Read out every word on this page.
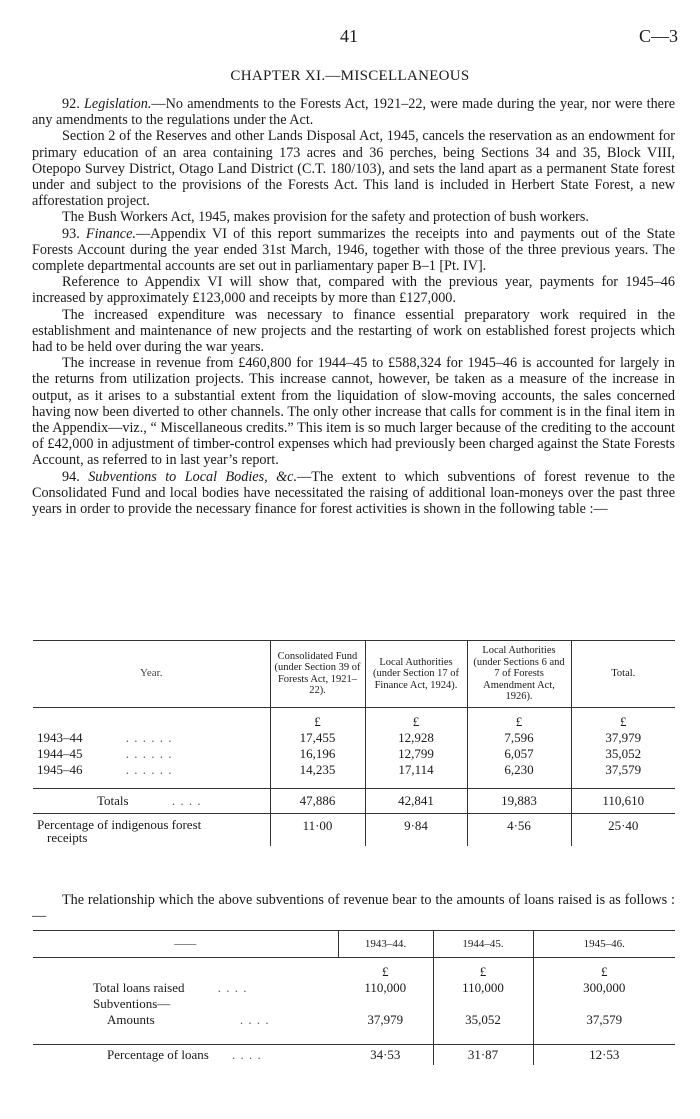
41	C—3
CHAPTER XI.—MISCELLANEOUS

92. Legislation.—No amendments to the Forests Act, 1921–22, were made during the year, nor were there any amendments to the regulations under the Act.

Section 2 of the Reserves and other Lands Disposal Act, 1945, cancels the reservation as an endowment for primary education of an area containing 173 acres and 36 perches, being Sections 34 and 35, Block VIII, Otepopo Survey District, Otago Land District (C.T. 180/103), and sets the land apart as a permanent State forest under and subject to the provisions of the Forests Act. This land is included in Herbert State Forest, a new afforestation project.

The Bush Workers Act, 1945, makes provision for the safety and protection of bush workers.

93. Finance.—Appendix VI of this report summarizes the receipts into and payments out of the State Forests Account during the year ended 31st March, 1946, together with those of the three previous years. The complete departmental accounts are set out in parliamentary paper B–1 [Pt. IV].

Reference to Appendix VI will show that, compared with the previous year, payments for 1945–46 increased by approximately £123,000 and receipts by more than £127,000.

The increased expenditure was necessary to finance essential preparatory work required in the establishment and maintenance of new projects and the restarting of work on established forest projects which had to be held over during the war years.

The increase in revenue from £460,800 for 1944–45 to £588,324 for 1945–46 is accounted for largely in the returns from utilization projects. This increase cannot, however, be taken as a measure of the increase in output, as it arises to a substantial extent from the liquidation of slow-moving accounts, the sales concerned having now been diverted to other channels. The only other increase that calls for comment is in the final item in the Appendix—viz., “ Miscellaneous credits.” This item is so much larger because of the crediting to the account of £42,000 in adjustment of timber-control expenses which had previously been charged against the State Forests Account, as referred to in last year’s report.

94. Subventions to Local Bodies, &c.—The extent to which subventions of forest revenue to the Consolidated Fund and local bodies have necessitated the raising of additional loan-moneys over the past three years in order to provide the necessary finance for forest activities is shown in the following table :—

Year.	Consolidated Fund (under Section 39 of Forests Act, 1921–22).	Local Authorities (under Section 17 of Finance Act, 1924).	Local Authorities (under Sections 6 and 7 of Forests Amendment Act, 1926).	Total.
	£	£	£	£
1943–44 . . . . . .	17,455	12,928	7,596	37,979
1944–45 . . . . . .	16,196	12,799	6,057	35,052
1945–46 . . . . . .	14,235	17,114	6,230	37,579

Totals . . . .	47,886	42,841	19,883	110,610
Percentage of indigenous forest
receipts	11·00	9·84	4·56	25·40
The relationship which the above subventions of revenue bear to the amounts of loans raised is as follows :—
——	1943–44.	1944–45.	1945–46.
	£	£	£
Total loans raised . . . .	110,000	110,000	300,000
Subventions—			
Amounts . . . .	37,979	35,052	37,579

Percentage of loans . . . .	34·53	31·87	12·53
